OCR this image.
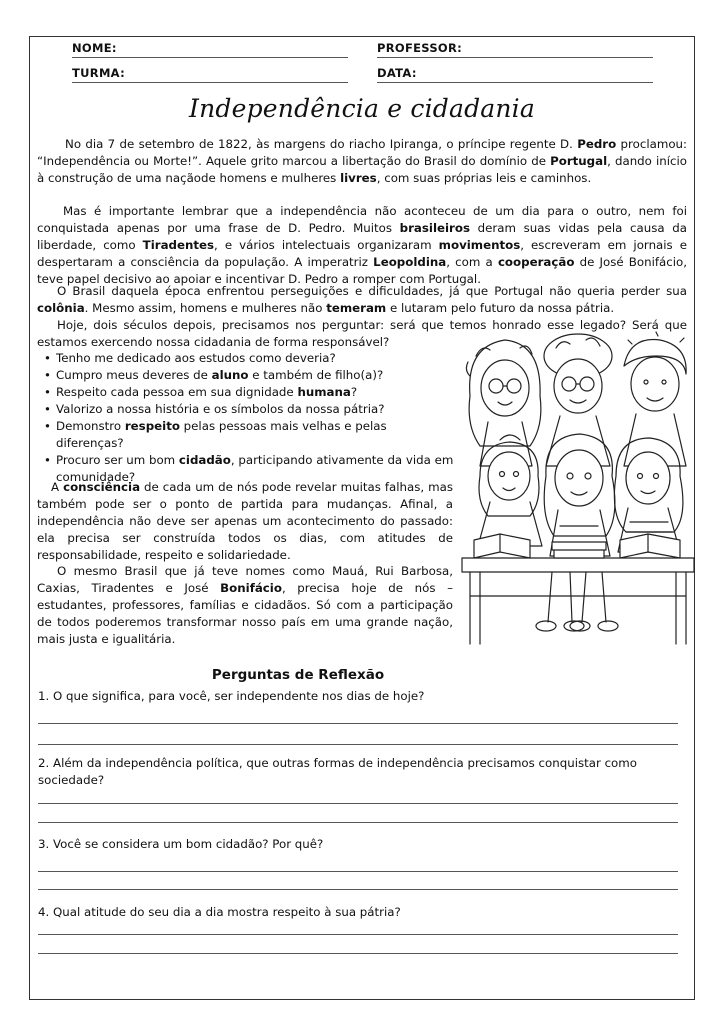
NOME:	PROFESSOR:
TURMA:	DATA:
Independência e cidadania

No dia 7 de setembro de 1822, às margens do riacho Ipiranga, o príncipe regente D. Pedro proclamou: “Independência ou Morte!”. Aquele grito marcou a libertação do Brasil do domínio de Portugal, dando início à construção de uma naçãode homens e mulheres livres, com suas próprias leis e caminhos.

Mas é importante lembrar que a independência não aconteceu de um dia para o outro, nem foi conquistada apenas por uma frase de D. Pedro. Muitos brasileiros deram suas vidas pela causa da liberdade, como Tiradentes, e vários intelectuais organizaram movimentos, escreveram em jornais e despertaram a consciência da população. A imperatriz Leopoldina, com a cooperação de José Bonifácio, teve papel decisivo ao apoiar e incentivar D. Pedro a romper com Portugal.

O Brasil daquela época enfrentou perseguições e dificuldades, já que Portugal não queria perder sua colônia. Mesmo assim, homens e mulheres não temeram e lutaram pelo futuro da nossa pátria.

Hoje, dois séculos depois, precisamos nos perguntar: será que temos honrado esse legado? Será que estamos exercendo nossa cidadania de forma responsável?

• Tenho me dedicado aos estudos como deveria?
• Cumpro meus deveres de aluno e também de filho(a)?
• Respeito cada pessoa em sua dignidade humana?
• Valorizo a nossa história e os símbolos da nossa pátria?
• Demonstro respeito pelas pessoas mais velhas e pelas diferenças?
• Procuro ser um bom cidadão, participando ativamente da vida em comunidade?

A consciência de cada um de nós pode revelar muitas falhas, mas também pode ser o ponto de partida para mudanças. Afinal, a independência não deve ser apenas um acontecimento do passado: ela precisa ser construída todos os dias, com atitudes de responsabilidade, respeito e solidariedade.

O mesmo Brasil que já teve nomes como Mauá, Rui Barbosa, Caxias, Tiradentes e José Bonifácio, precisa hoje de nós – estudantes, professores, famílias e cidadãos. Só com a participação de todos poderemos transformar nosso país em uma grande nação, mais justa e igualitária.

Perguntas de Reflexão

1. O que significa, para você, ser independente nos dias de hoje?

2. Além da independência política, que outras formas de independência precisamos conquistar como sociedade?

3. Você se considera um bom cidadão? Por quê?

4. Qual atitude do seu dia a dia mostra respeito à sua pátria?
